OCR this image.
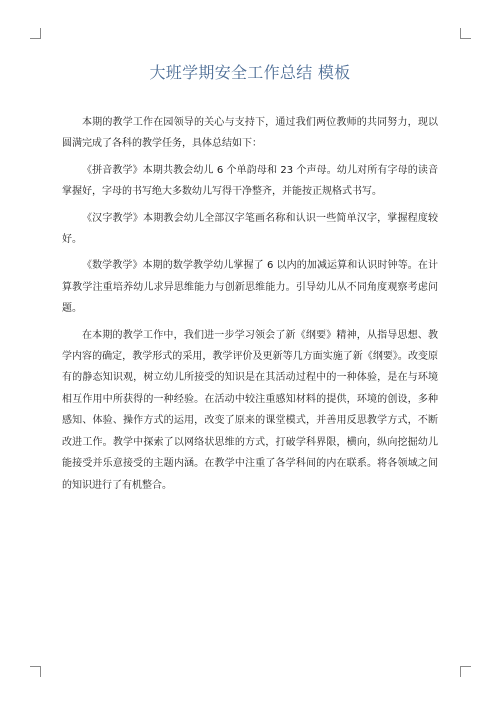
大班学期安全工作总结 模板

本期的教学工作在园领导的关心与支持下，通过我们两位教师的共同努力，现以圆满完成了各科的教学任务，具体总结如下：

《拼音教学》本期共教会幼儿 6 个单韵母和 23 个声母。幼儿对所有字母的读音掌握好，字母的书写绝大多数幼儿写得干净整齐，并能按正规格式书写。

《汉字教学》本期教会幼儿全部汉字笔画名称和认识一些简单汉字，掌握程度较好。

《数学教学》本期的数学教学幼儿掌握了 6 以内的加减运算和认识时钟等。在计算教学注重培养幼儿求异思维能力与创新思维能力。引导幼儿从不同角度观察考虑问题。

在本期的教学工作中，我们进一步学习领会了新《纲要》精神，从指导思想、教学内容的确定，教学形式的采用，教学评价及更新等几方面实施了新《纲要》。改变原有的静态知识观，树立幼儿所接受的知识是在其活动过程中的一种体验，是在与环境相互作用中所获得的一种经验。在活动中较注重感知材料的提供，环境的创设，多种感知、体验、操作方式的运用，改变了原来的课堂模式，并善用反思教学方式，不断改进工作。教学中探索了以网络状思维的方式，打破学科界限，横向，纵向挖掘幼儿能接受并乐意接受的主题内涵。在教学中注重了各学科间的内在联系。将各领域之间的知识进行了有机整合。
